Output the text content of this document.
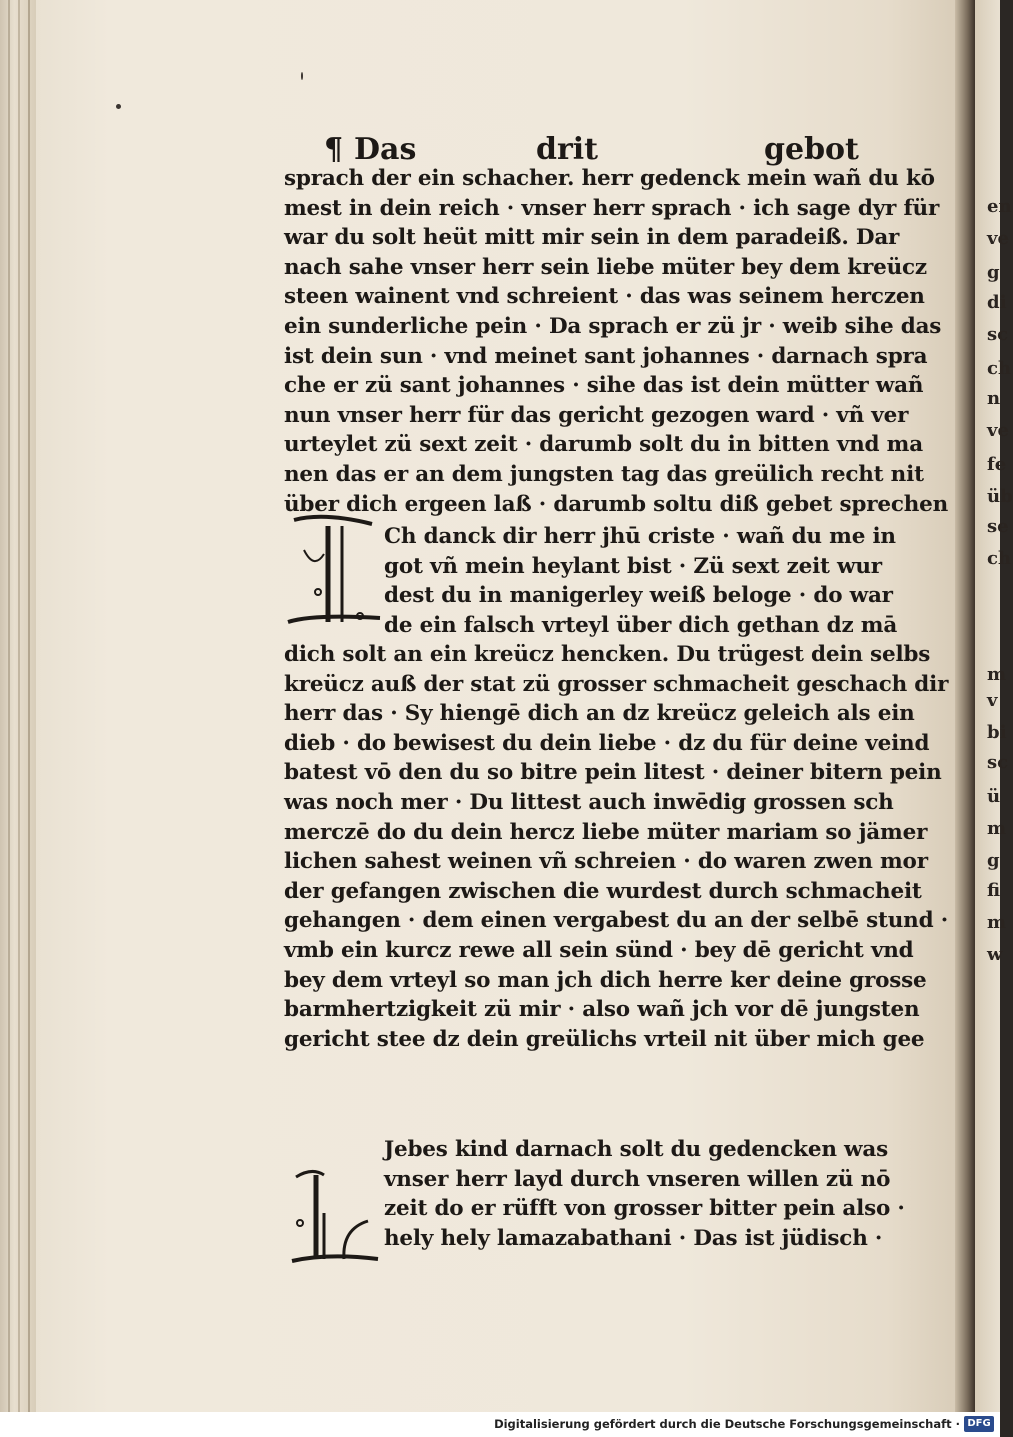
en
ve
g
di
sc
ch
n
ve
fe
üb
se
ch
m
v
bi
sc
ü
m
g
fi
m
w
¶ Das	drit	gebot
sprach der ein schacher. herr gedenck mein wañ du kō
mest in dein reich · vnser herr sprach · ich sage dyr für
war du solt heüt mitt mir sein in dem paradeiß. Dar
nach sahe vnser herr sein liebe müter bey dem kreücz
steen wainent vnd schreient · das was seinem herczen
ein sunderliche pein · Da sprach er zü jr · weib sihe das
ist dein sun · vnd meinet sant johannes · darnach spra
che er zü sant johannes · sihe das ist dein mütter wañ
nun vnser herr für das gericht gezogen ward · vñ ver
urteylet zü sext zeit · darumb solt du in bitten vnd ma
nen das er an dem jungsten tag das greülich recht nit
über dich ergeen laß · darumb soltu diß gebet sprechen
Ch danck dir herr jhū criste · wañ du me in
got vñ mein heylant bist · Zü sext zeit wur
dest du in manigerley weiß beloge · do war
de ein falsch vrteyl über dich gethan dz mā
dich solt an ein kreücz hencken. Du trügest dein selbs
kreücz auß der stat zü grosser schmacheit geschach dir
herr das · Sy hiengē dich an dz kreücz geleich als ein
dieb · do bewisest du dein liebe · dz du für deine veind
batest vō den du so bitre pein litest · deiner bitern pein
was noch mer · Du littest auch inwēdig grossen sch
merczē do du dein hercz liebe müter mariam so jämer
lichen sahest weinen vñ schreien · do waren zwen mor
der gefangen zwischen die wurdest durch schmacheit
gehangen · dem einen vergabest du an der selbē stund ·
vmb ein kurcz rewe all sein sünd · bey dē gericht vnd
bey dem vrteyl so man jch dich herre ker deine grosse
barmhertzigkeit zü mir · also wañ jch vor dē jungsten
gericht stee dz dein greülichs vrteil nit über mich gee
Jebes kind darnach solt du gedencken was
vnser herr layd durch vnseren willen zü nō
zeit do er rüfft von grosser bitter pein also ·
hely hely lamazabathani · Das ist jüdisch ·
Digitalisierung gefördert durch die Deutsche Forschungsgemeinschaft · DFG
